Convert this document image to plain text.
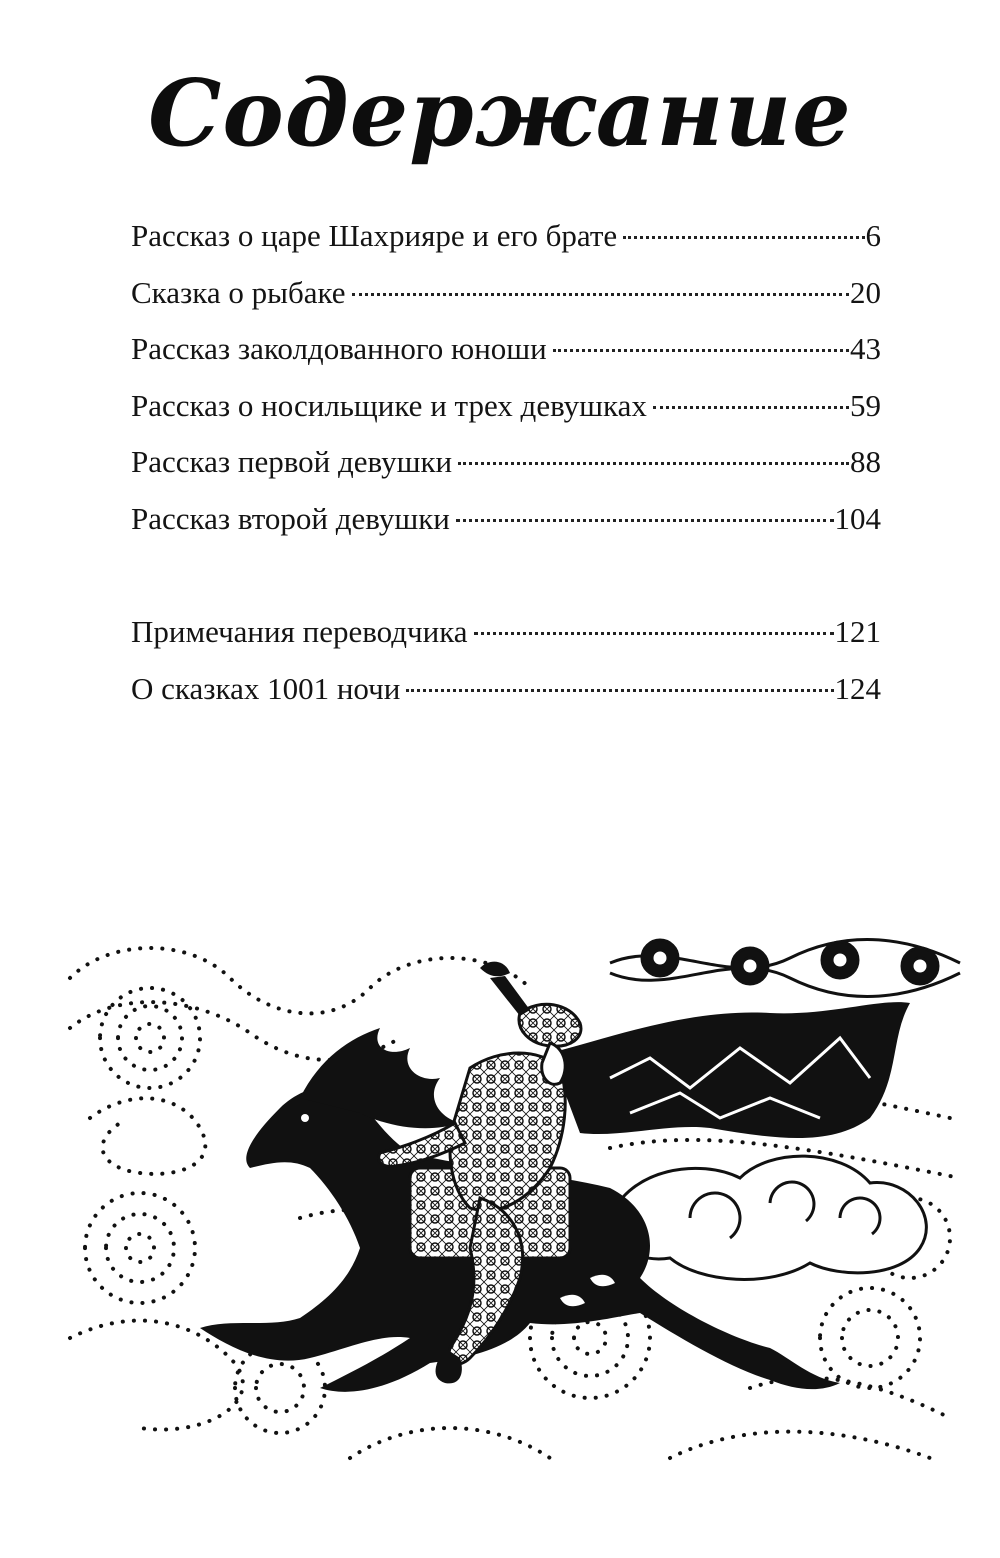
Содержание
Рассказ о царе Шахрияре и его брате	6
Сказка о рыбаке	20
Рассказ заколдованного юноши	43
Рассказ о носильщике и трех девушках	59
Рассказ первой девушки	88
Рассказ второй девушки	104
Примечания переводчика	121
О сказках 1001 ночи	124
